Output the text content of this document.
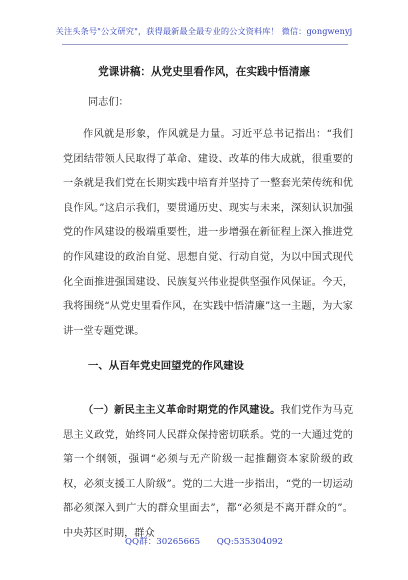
关注头条号"公文研究"，获得最新最全最专业的公文资料库！ 微信：gongwenyj
党课讲稿：从党史里看作风，在实践中悟清廉
同志们：
作风就是形象，作风就是力量。习近平总书记指出：“我们党团结带领人民取得了革命、建设、改革的伟大成就，很重要的一条就是我们党在长期实践中培育并坚持了一整套光荣传统和优良作风。”这启示我们，要贯通历史、现实与未来，深刻认识加强党的作风建设的极端重要性，进一步增强在新征程上深入推进党的作风建设的政治自觉、思想自觉、行动自觉，为以中国式现代化全面推进强国建设、民族复兴伟业提供坚强作风保证。今天，我将围绕“从党史里看作风，在实践中悟清廉”这一主题，为大家讲一堂专题党课。
一、从百年党史回望党的作风建设
（一）新民主主义革命时期党的作风建设。我们党作为马克思主义政党，始终同人民群众保持密切联系。党的一大通过党的第一个纲领，强调“必须与无产阶级一起推翻资本家阶级的政权，必须支援工人阶级”。党的二大进一步指出，“党的一切运动都必须深入到广大的群众里面去”，都“必须是不离开群众的”。中央苏区时期，群众
QQ群：30265665 QQ:535304092
